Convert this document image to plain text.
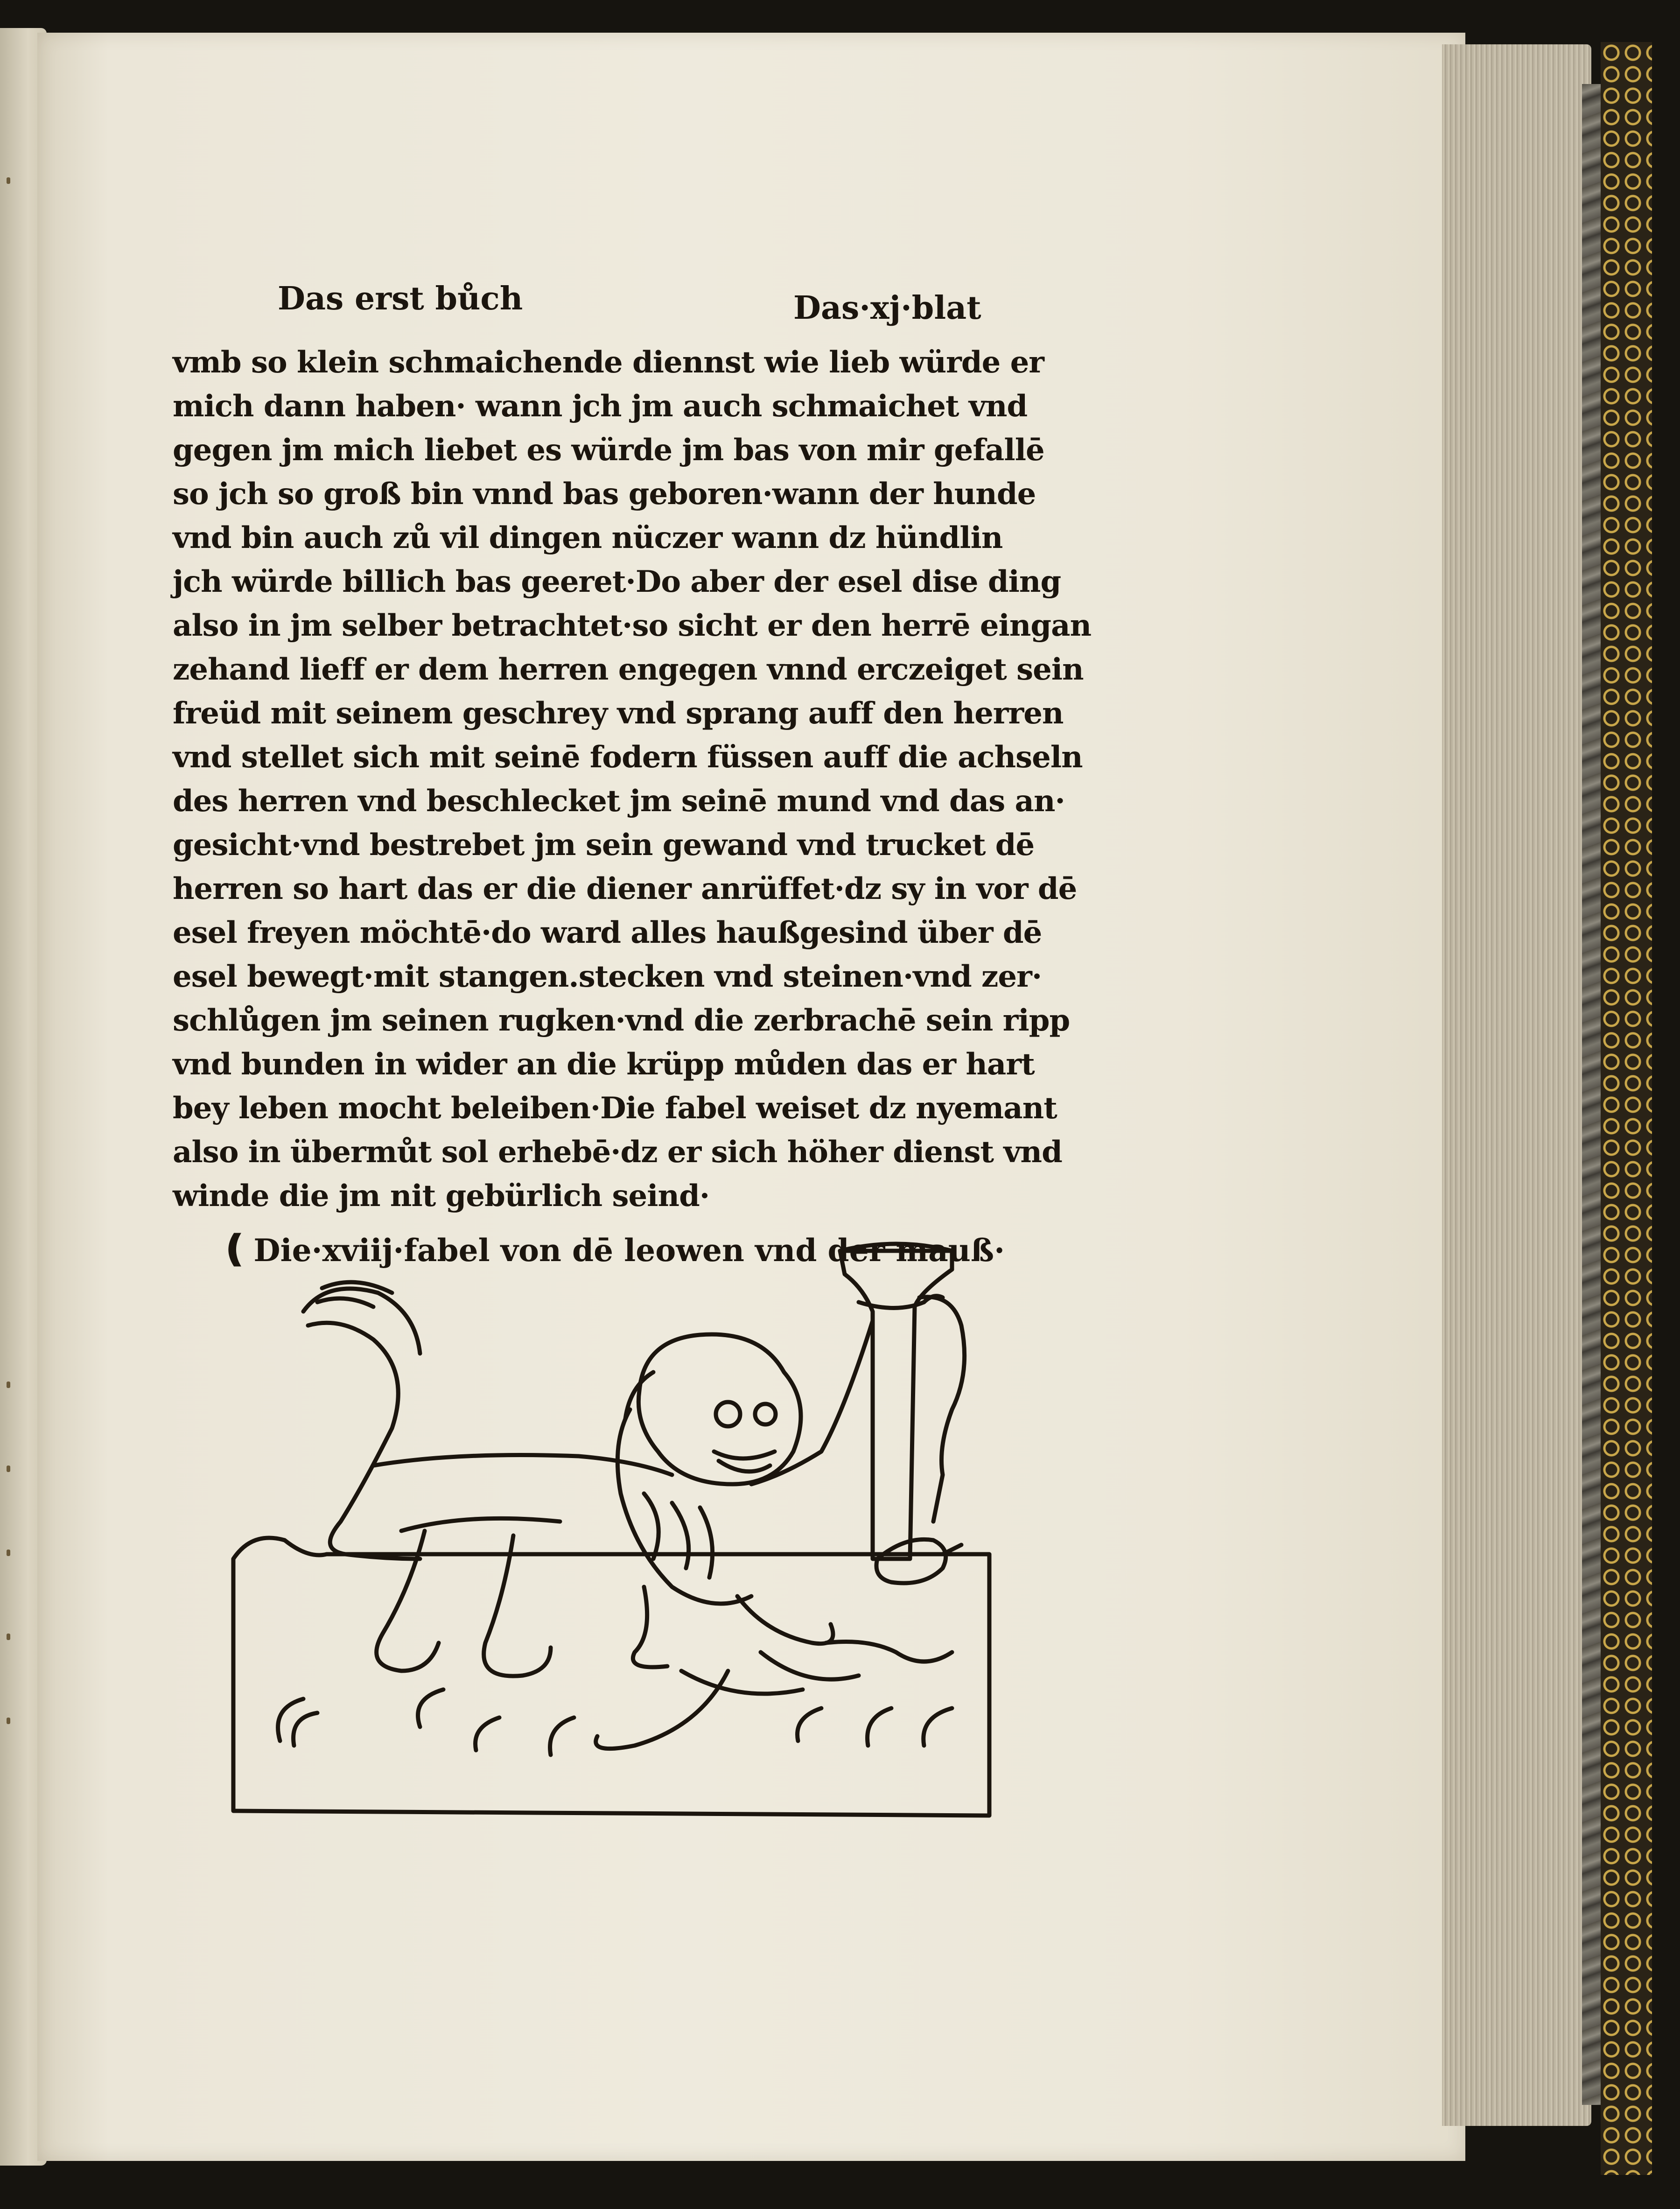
Das erst bůch	Das·xj·blat
vmb so klein schmaichende diennst wie lieb würde er
mich dann haben· wann jch jm auch schmaichet vnd
gegen jm mich liebet es würde jm bas von mir gefallē
so jch so groß bin vnnd bas geboren·wann der hunde
vnd bin auch zů vil dingen nüczer wann dz hündlin
jch würde billich bas geeret·Do aber der esel dise ding
also in jm selber betrachtet·so sicht er den herrē eingan
zehand lieff er dem herren engegen vnnd erczeiget sein
freüd mit seinem geschrey vnd sprang auff den herren
vnd stellet sich mit seinē fodern füssen auff die achseln
des herren vnd beschlecket jm seinē mund vnd das an·
gesicht·vnd bestrebet jm sein gewand vnd trucket dē
herren so hart das er die diener anrüffet·dz sy in vor dē
esel freyen möchtē·do ward alles haußgesind über dē
esel bewegt·mit stangen.stecken vnd steinen·vnd zer·
schlůgen jm seinen rugken·vnd die zerbrachē sein ripp
vnd bunden in wider an die krüpp můden das er hart
bey leben mocht beleiben·Die fabel weiset dz nyemant
also in übermůt sol erhebē·dz er sich höher dienst vnd
winde die jm nit gebürlich seind·
❪ Die·xviij·fabel von dē leowen vnd der mauß·
